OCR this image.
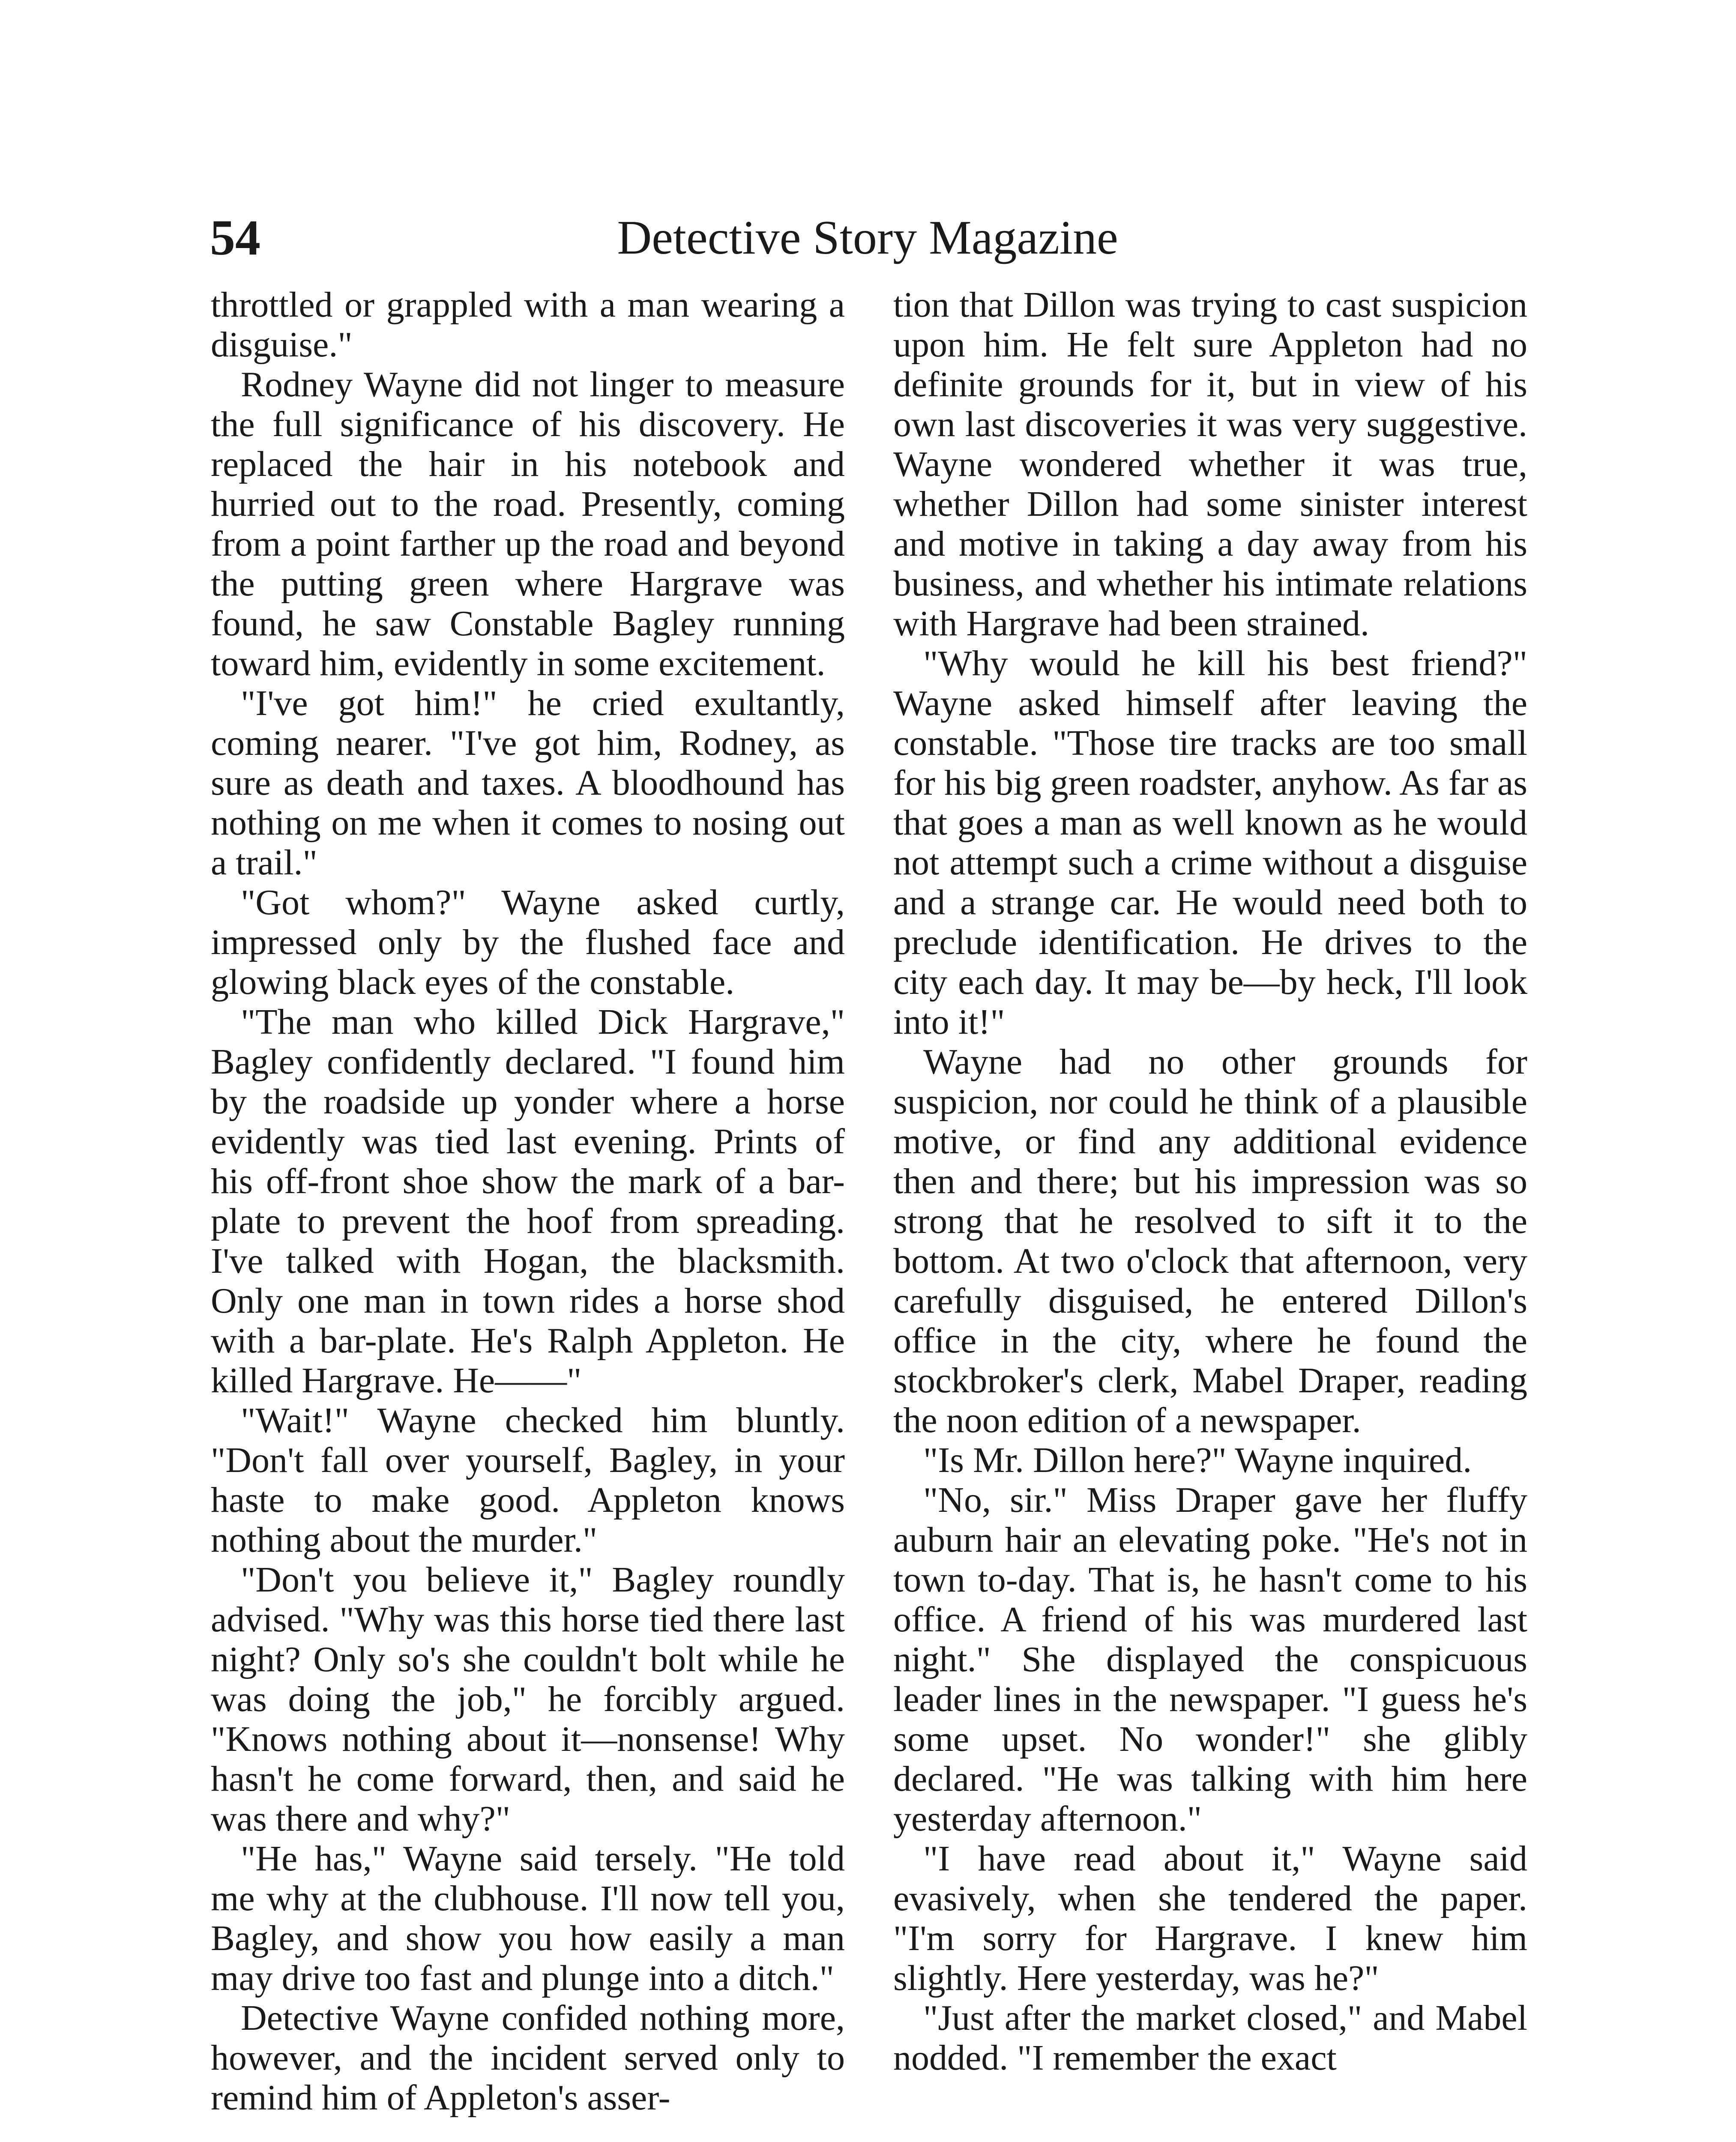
54	Detective Story Magazine

throttled or grappled with a man wearing a disguise."

Rodney Wayne did not linger to measure the full significance of his discovery. He replaced the hair in his notebook and hurried out to the road. Presently, coming from a point farther up the road and beyond the putting green where Hargrave was found, he saw Constable Bagley running toward him, evidently in some excitement.

"I've got him!" he cried exultantly, coming nearer. "I've got him, Rodney, as sure as death and taxes. A bloodhound has nothing on me when it comes to nosing out a trail."

"Got whom?" Wayne asked curtly, impressed only by the flushed face and glowing black eyes of the constable.

"The man who killed Dick Hargrave," Bagley confidently declared. "I found him by the roadside up yonder where a horse evidently was tied last evening. Prints of his off-front shoe show the mark of a bar-plate to prevent the hoof from spreading. I've talked with Hogan, the blacksmith. Only one man in town rides a horse shod with a bar-plate. He's Ralph Appleton. He killed Hargrave. He——"

"Wait!" Wayne checked him bluntly. "Don't fall over yourself, Bagley, in your haste to make good. Appleton knows nothing about the murder."

"Don't you believe it," Bagley roundly advised. "Why was this horse tied there last night? Only so's she couldn't bolt while he was doing the job," he forcibly argued. "Knows nothing about it—nonsense! Why hasn't he come forward, then, and said he was there and why?"

"He has," Wayne said tersely. "He told me why at the clubhouse. I'll now tell you, Bagley, and show you how easily a man may drive too fast and plunge into a ditch."

Detective Wayne confided nothing more, however, and the incident served only to remind him of Appleton's asser-

tion that Dillon was trying to cast suspicion upon him. He felt sure Appleton had no definite grounds for it, but in view of his own last discoveries it was very suggestive. Wayne wondered whether it was true, whether Dillon had some sinister interest and motive in taking a day away from his business, and whether his intimate relations with Hargrave had been strained.

"Why would he kill his best friend?" Wayne asked himself after leaving the constable. "Those tire tracks are too small for his big green roadster, anyhow. As far as that goes a man as well known as he would not attempt such a crime without a disguise and a strange car. He would need both to preclude identification. He drives to the city each day. It may be—by heck, I'll look into it!"

Wayne had no other grounds for suspicion, nor could he think of a plausible motive, or find any additional evidence then and there; but his impression was so strong that he resolved to sift it to the bottom. At two o'clock that afternoon, very carefully disguised, he entered Dillon's office in the city, where he found the stockbroker's clerk, Mabel Draper, reading the noon edition of a newspaper.

"Is Mr. Dillon here?" Wayne inquired.

"No, sir." Miss Draper gave her fluffy auburn hair an elevating poke. "He's not in town to-day. That is, he hasn't come to his office. A friend of his was murdered last night." She displayed the conspicuous leader lines in the newspaper. "I guess he's some upset. No wonder!" she glibly declared. "He was talking with him here yesterday afternoon."

"I have read about it," Wayne said evasively, when she tendered the paper. "I'm sorry for Hargrave. I knew him slightly. Here yesterday, was he?"

"Just after the market closed," and Mabel nodded. "I remember the exact
